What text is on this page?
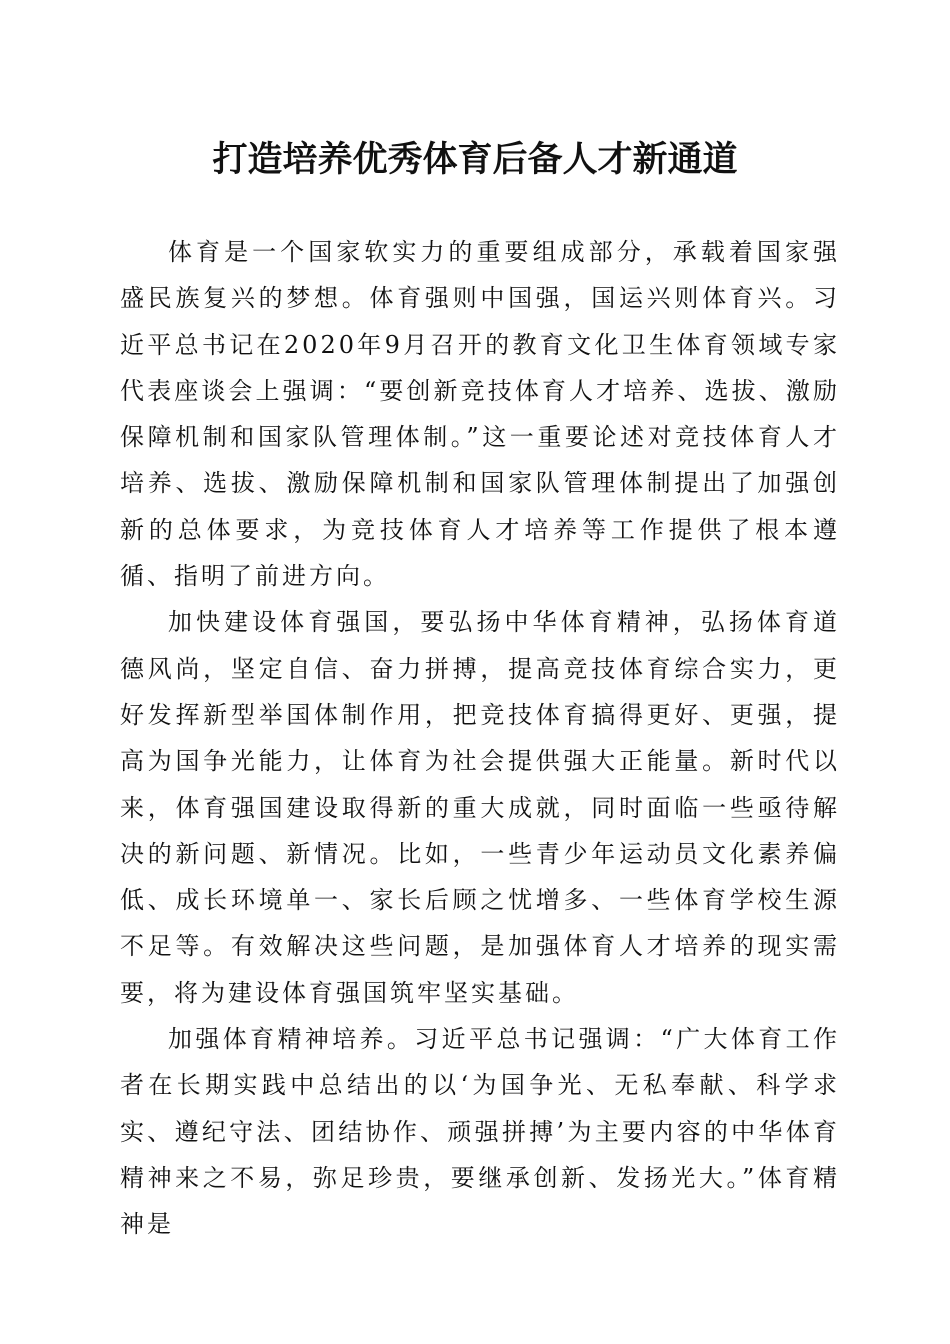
打造培养优秀体育后备人才新通道

体育是一个国家软实力的重要组成部分，承载着国家强盛民族复兴的梦想。体育强则中国强，国运兴则体育兴。习近平总书记在2020年9月召开的教育文化卫生体育领域专家代表座谈会上强调：“要创新竞技体育人才培养、选拔、激励保障机制和国家队管理体制。”这一重要论述对竞技体育人才培养、选拔、激励保障机制和国家队管理体制提出了加强创新的总体要求，为竞技体育人才培养等工作提供了根本遵循、指明了前进方向。

加快建设体育强国，要弘扬中华体育精神，弘扬体育道德风尚，坚定自信、奋力拼搏，提高竞技体育综合实力，更好发挥新型举国体制作用，把竞技体育搞得更好、更强，提高为国争光能力，让体育为社会提供强大正能量。新时代以来，体育强国建设取得新的重大成就，同时面临一些亟待解决的新问题、新情况。比如，一些青少年运动员文化素养偏低、成长环境单一、家长后顾之忧增多、一些体育学校生源不足等。有效解决这些问题，是加强体育人才培养的现实需要，将为建设体育强国筑牢坚实基础。

加强体育精神培养。习近平总书记强调：“广大体育工作者在长期实践中总结出的以‘为国争光、无私奉献、科学求实、遵纪守法、团结协作、顽强拼搏’为主要内容的中华体育精神来之不易，弥足珍贵，要继承创新、发扬光大。”体育精神是
